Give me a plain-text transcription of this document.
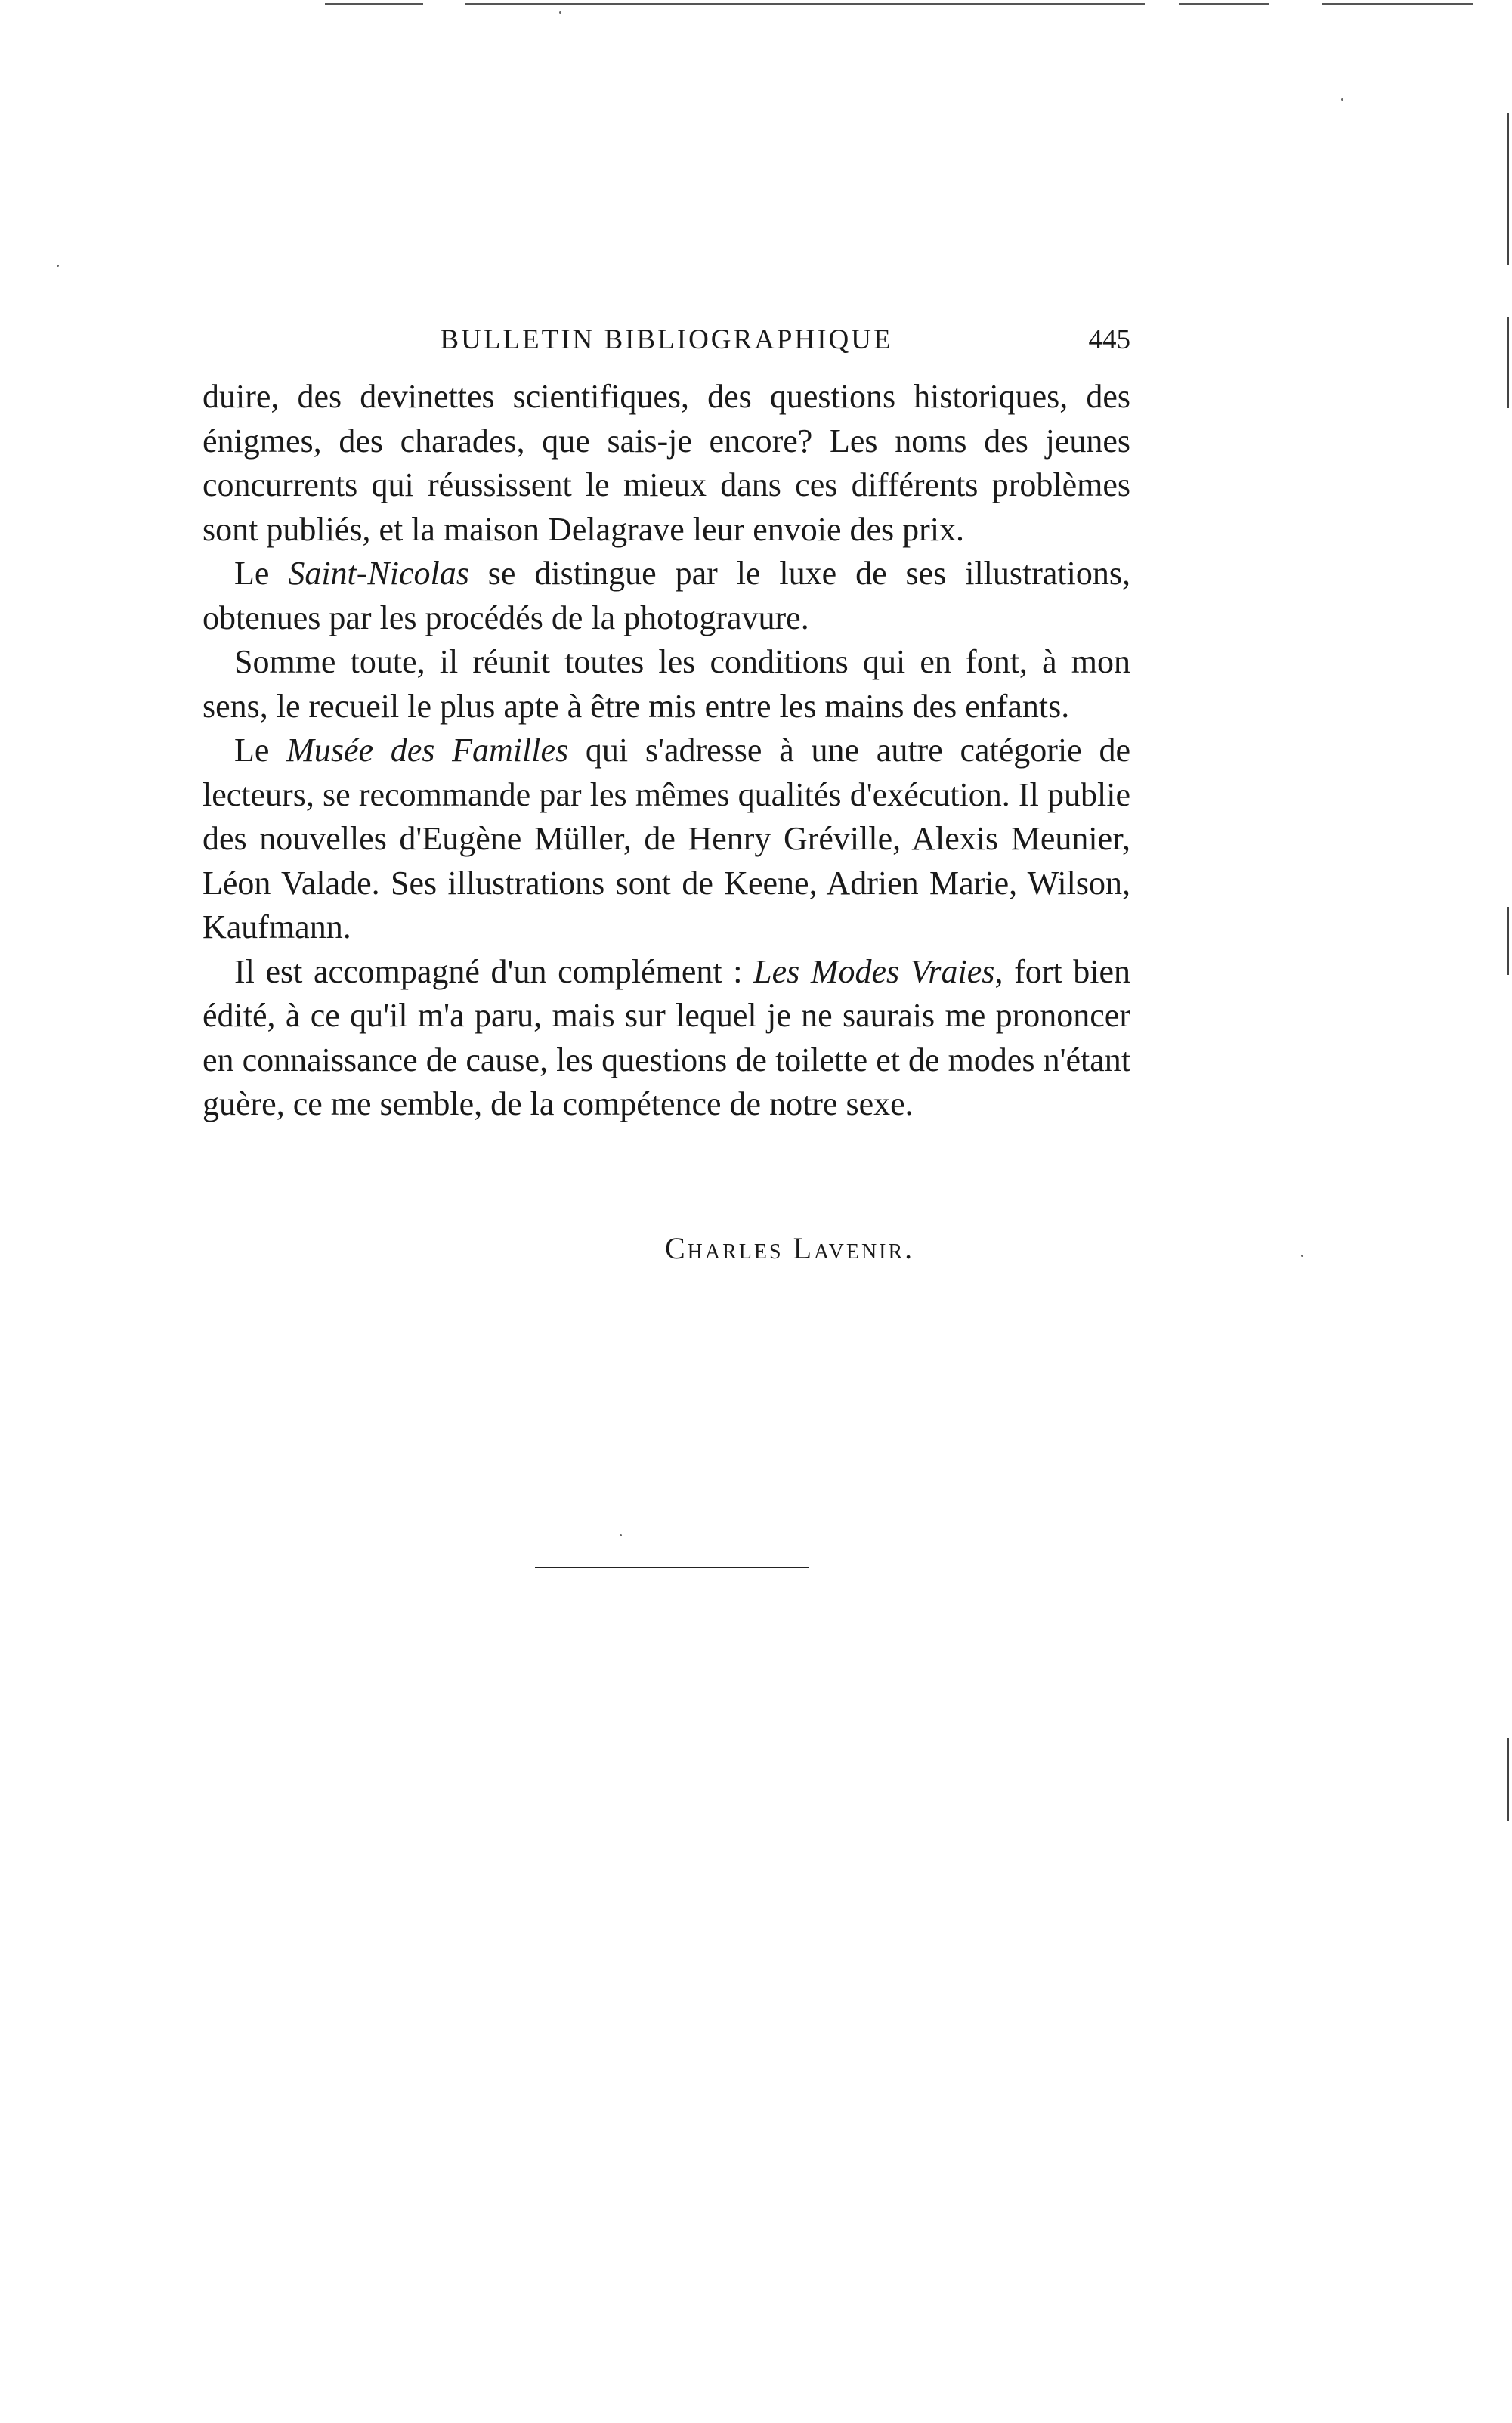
BULLETIN BIBLIOGRAPHIQUE	445

duire, des devinettes scientifiques, des questions historiques, des énigmes, des charades, que sais-je encore? Les noms des jeunes concurrents qui réussissent le mieux dans ces différents problèmes sont publiés, et la maison Delagrave leur envoie des prix.

Le Saint-Nicolas se distingue par le luxe de ses illustrations, obtenues par les procédés de la photogravure.

Somme toute, il réunit toutes les conditions qui en font, à mon sens, le recueil le plus apte à être mis entre les mains des enfants.

Le Musée des Familles qui s'adresse à une autre catégorie de lecteurs, se recommande par les mêmes qualités d'exécution. Il publie des nouvelles d'Eugène Müller, de Henry Gréville, Alexis Meunier, Léon Valade. Ses illustrations sont de Keene, Adrien Marie, Wilson, Kaufmann.

Il est accompagné d'un complément : Les Modes Vraies, fort bien édité, à ce qu'il m'a paru, mais sur lequel je ne saurais me prononcer en connaissance de cause, les questions de toilette et de modes n'étant guère, ce me semble, de la compétence de notre sexe.

Charles Lavenir.
